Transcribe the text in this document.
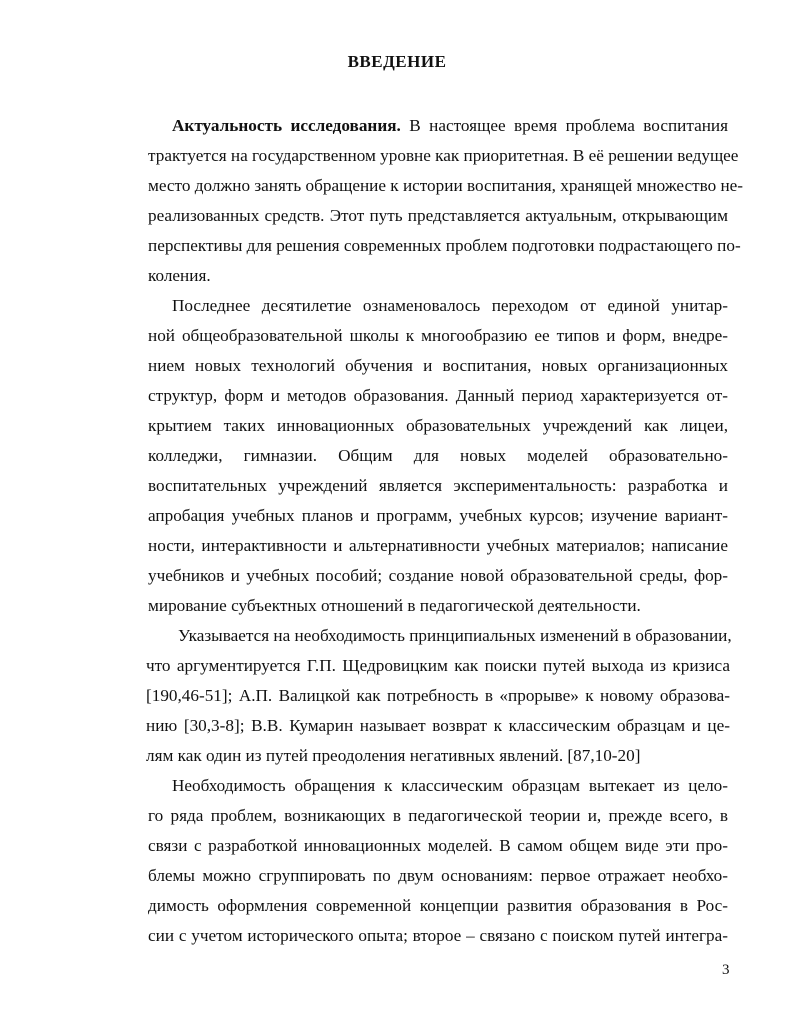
ВВЕДЕНИЕ
Актуальность исследования. В настоящее время проблема воспитания
трактуется на государственном уровне как приоритетная. В её решении ведущее
место должно занять обращение к истории воспитания, хранящей множество не-
реализованных средств. Этот путь представляется актуальным, открывающим
перспективы для решения современных проблем подготовки подрастающего по-
коления.
Последнее десятилетие ознаменовалось переходом от единой унитар-
ной общеобразовательной школы к многообразию ее типов и форм, внедре-
нием новых технологий обучения и воспитания, новых организационных
структур, форм и методов образования. Данный период характеризуется от-
крытием таких инновационных образовательных учреждений как лицеи,
колледжи, гимназии. Общим для новых моделей образовательно-
воспитательных учреждений является экспериментальность: разработка и
апробация учебных планов и программ, учебных курсов; изучение вариант-
ности, интерактивности и альтернативности учебных материалов; написание
учебников и учебных пособий; создание новой образовательной среды, фор-
мирование субъектных отношений в педагогической деятельности.
Указывается на необходимость принципиальных изменений в образовании,
что аргументируется Г.П. Щедровицким как поиски путей выхода из кризиса
[190,46-51]; А.П. Валицкой как потребность в «прорыве» к новому образова-
нию [30,3-8]; В.В. Кумарин называет возврат к классическим образцам и це-
лям как один из путей преодоления негативных явлений. [87,10-20]
Необходимость обращения к классическим образцам вытекает из цело-
го ряда проблем, возникающих в педагогической теории и, прежде всего, в
связи с разработкой инновационных моделей. В самом общем виде эти про-
блемы можно сгруппировать по двум основаниям: первое отражает необхо-
димость оформления современной концепции развития образования в Рос-
сии с учетом исторического опыта; второе – связано с поиском путей интегра-
3
